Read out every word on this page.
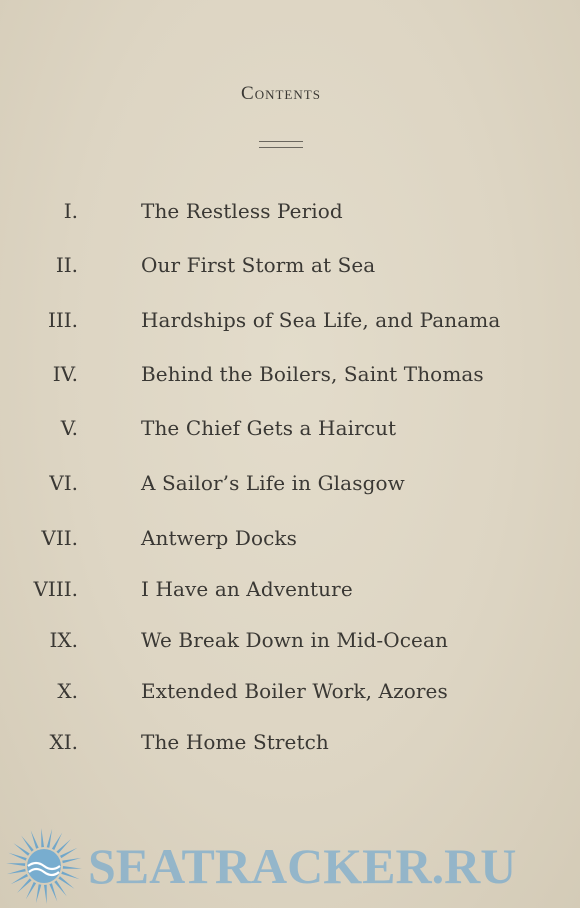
Contents
I.	The Restless Period
II.	Our First Storm at Sea
III.	Hardships of Sea Life, and Panama
IV.	Behind the Boilers, Saint Thomas
V.	The Chief Gets a Haircut
VI.	A Sailor’s Life in Glasgow
VII.	Antwerp Docks
VIII.	I Have an Adventure
IX.	We Break Down in Mid-Ocean
X.	Extended Boiler Work, Azores
XI.	The Home Stretch
SEATRACKER.RU
